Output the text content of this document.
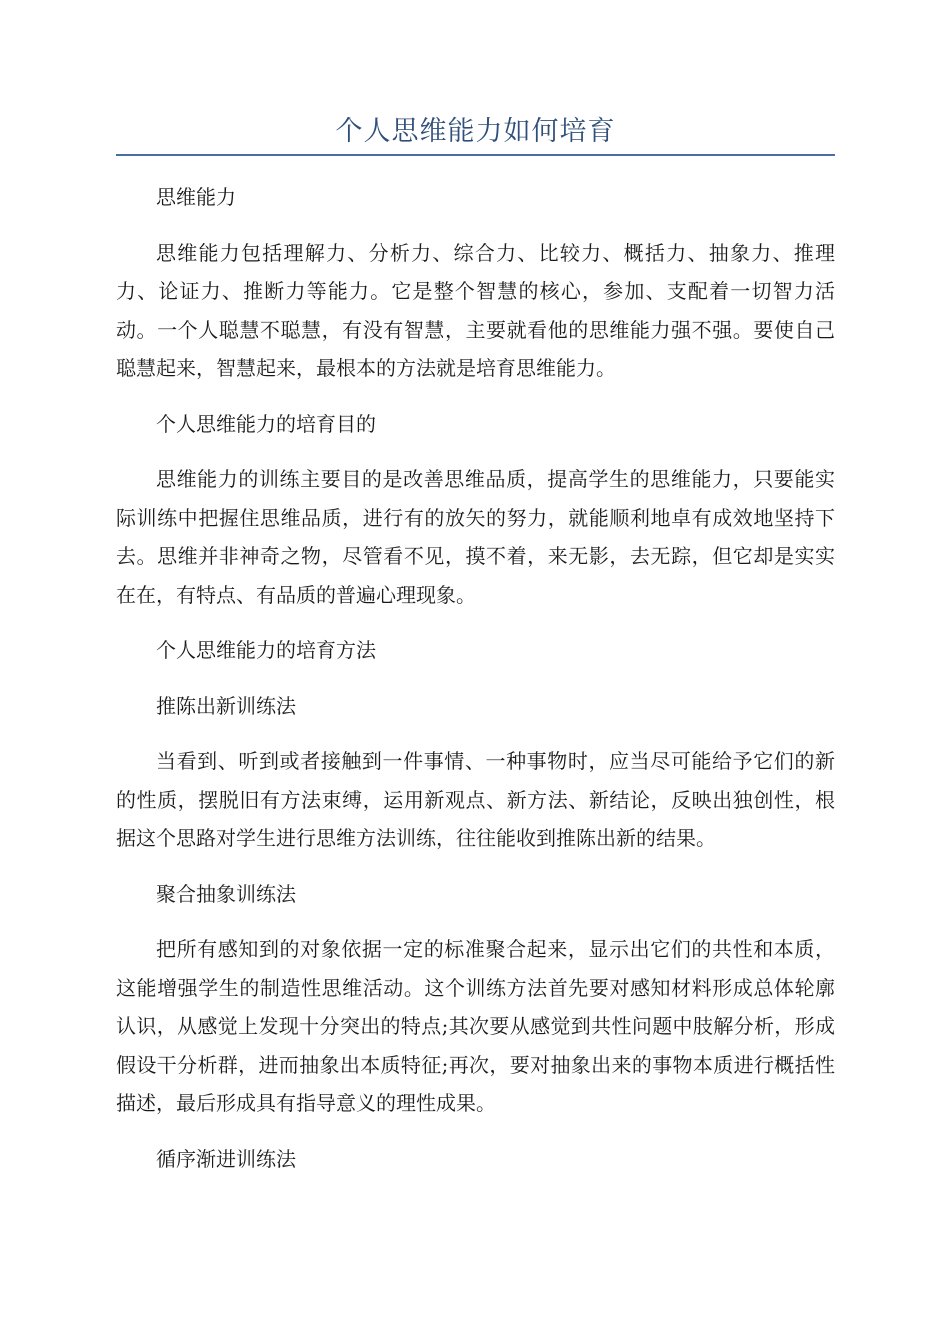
个人思维能力如何培育

思维能力

思维能力包括理解力、分析力、综合力、比较力、概括力、抽象力、推理力、论证力、推断力等能力。它是整个智慧的核心，参加、支配着一切智力活动。一个人聪慧不聪慧，有没有智慧，主要就看他的思维能力强不强。要使自己聪慧起来，智慧起来，最根本的方法就是培育思维能力。

个人思维能力的培育目的

思维能力的训练主要目的是改善思维品质，提高学生的思维能力，只要能实际训练中把握住思维品质，进行有的放矢的努力，就能顺利地卓有成效地坚持下去。思维并非神奇之物，尽管看不见，摸不着，来无影，去无踪，但它却是实实在在，有特点、有品质的普遍心理现象。

个人思维能力的培育方法

推陈出新训练法

当看到、听到或者接触到一件事情、一种事物时，应当尽可能给予它们的新的性质，摆脱旧有方法束缚，运用新观点、新方法、新结论，反映出独创性，根据这个思路对学生进行思维方法训练，往往能收到推陈出新的结果。

聚合抽象训练法

把所有感知到的对象依据一定的标准聚合起来，显示出它们的共性和本质，这能增强学生的制造性思维活动。这个训练方法首先要对感知材料形成总体轮廓认识，从感觉上发现十分突出的特点;其次要从感觉到共性问题中肢解分析，形成假设干分析群，进而抽象出本质特征;再次，要对抽象出来的事物本质进行概括性描述，最后形成具有指导意义的理性成果。

循序渐进训练法
